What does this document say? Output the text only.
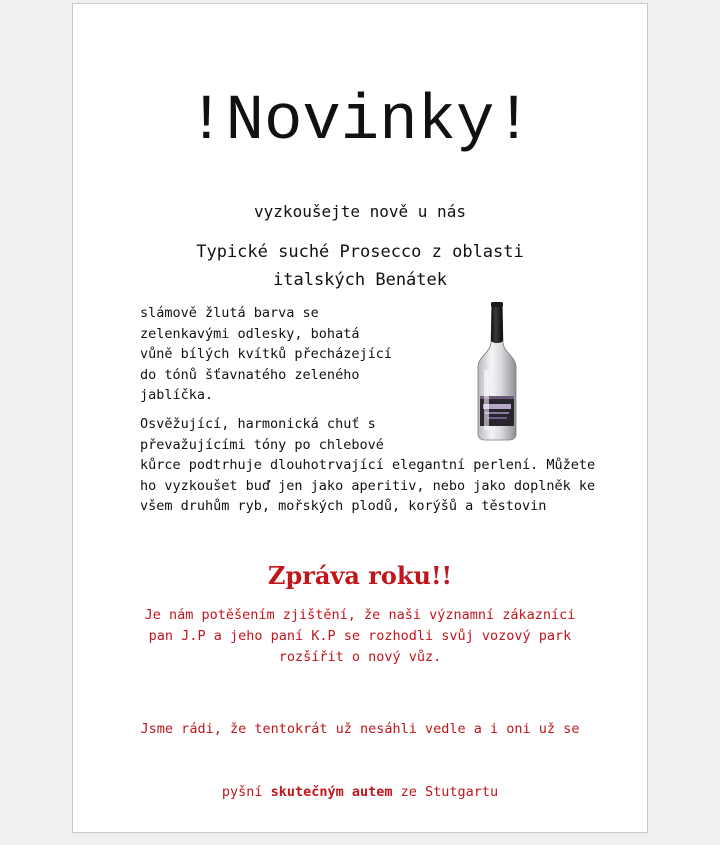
!Novinky!
vyzkoušejte nově u nás
Typické suché Prosecco z oblasti
italských Benátek
slámově žlutá barva se
zelenkavými odlesky, bohatá
vůně bílých kvítků přecházející
do tónů šťavnatého zeleného
jablíčka.
Osvěžující, harmonická chuť s
převažujícími tóny po chlebové
kůrce podtrhuje dlouhotrvající elegantní perlení. Můžete
ho vyzkoušet buď jen jako aperitiv, nebo jako doplněk ke
všem druhům ryb, mořských plodů, korýšů a těstovin
Zpráva roku!!
Je nám potěšením zjištění, že naši významní zákazníci
pan J.P a jeho paní K.P se rozhodli svůj vozový park
rozšířit o nový vůz.

Jsme rádi, že tentokrát už nesáhli vedle a i oni už se

pyšní skutečným autem ze Stutgartu
